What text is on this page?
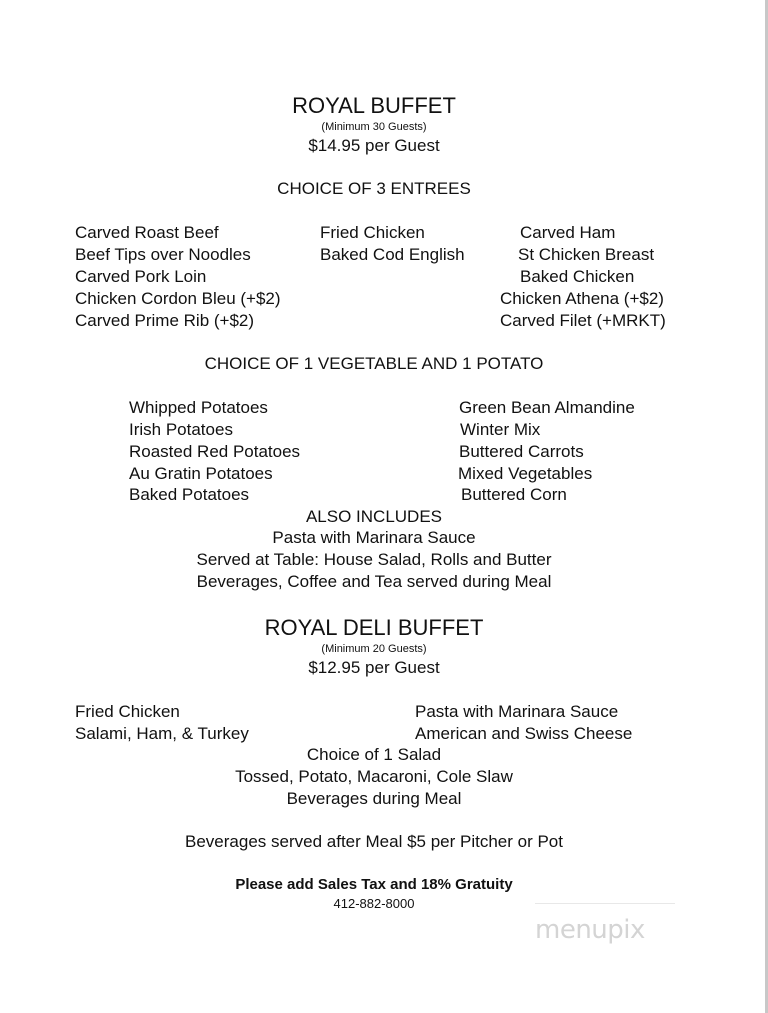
ROYAL BUFFET
(Minimum 30 Guests)
$14.95 per Guest
CHOICE OF 3 ENTREES
Carved Roast Beef
Beef Tips over Noodles
Carved Pork Loin
Chicken Cordon Bleu (+$2)
Carved Prime Rib (+$2)
Fried Chicken
Baked Cod English
Carved Ham
St Chicken Breast
Baked Chicken
Chicken Athena (+$2)
Carved Filet (+MRKT)
CHOICE OF 1 VEGETABLE AND 1 POTATO
Whipped Potatoes
Irish Potatoes
Roasted Red Potatoes
Au Gratin Potatoes
Baked Potatoes
Green Bean Almandine
Winter Mix
Buttered Carrots
Mixed Vegetables
Buttered Corn
ALSO INCLUDES
Pasta with Marinara Sauce
Served at Table: House Salad, Rolls and Butter
Beverages, Coffee and Tea served during Meal
ROYAL DELI BUFFET
(Minimum 20 Guests)
$12.95 per Guest
Fried Chicken
Salami, Ham, & Turkey
Pasta with Marinara Sauce
American and Swiss Cheese
Choice of 1 Salad
Tossed, Potato, Macaroni, Cole Slaw
Beverages during Meal
Beverages served after Meal $5 per Pitcher or Pot
Please add Sales Tax and 18% Gratuity
412-882-8000
menupix
